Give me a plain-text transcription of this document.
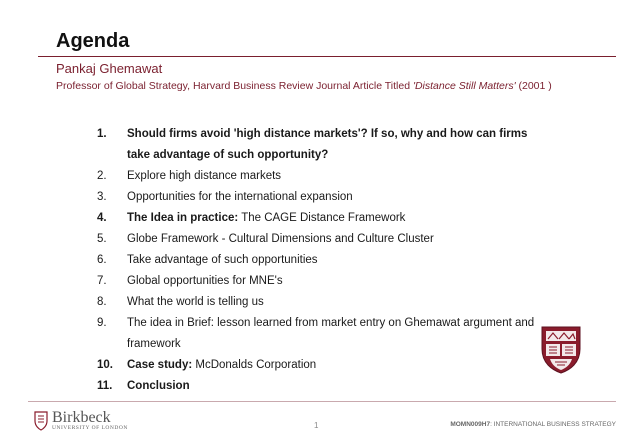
Agenda
Pankaj Ghemawat
Professor of Global Strategy, Harvard Business Review Journal Article Titled 'Distance Still Matters' (2001 )
1.	Should firms avoid 'high distance markets'? If so, why and how can firms take advantage of such opportunity?
2.	Explore high distance markets
3.	Opportunities for the international expansion
4.	The Idea in practice: The CAGE Distance Framework
5.	Globe Framework - Cultural Dimensions and Culture Cluster
6.	Take advantage of such opportunities
7.	Global opportunities for MNE's
8.	What the world is telling us
9.	The idea in Brief: lesson learned from market entry on Ghemawat argument and framework
10.	Case study: McDonalds Corporation
11.	Conclusion
Birkbeck
UNIVERSITY OF LONDON	1	MOMN009H7: INTERNATIONAL BUSINESS STRATEGY
